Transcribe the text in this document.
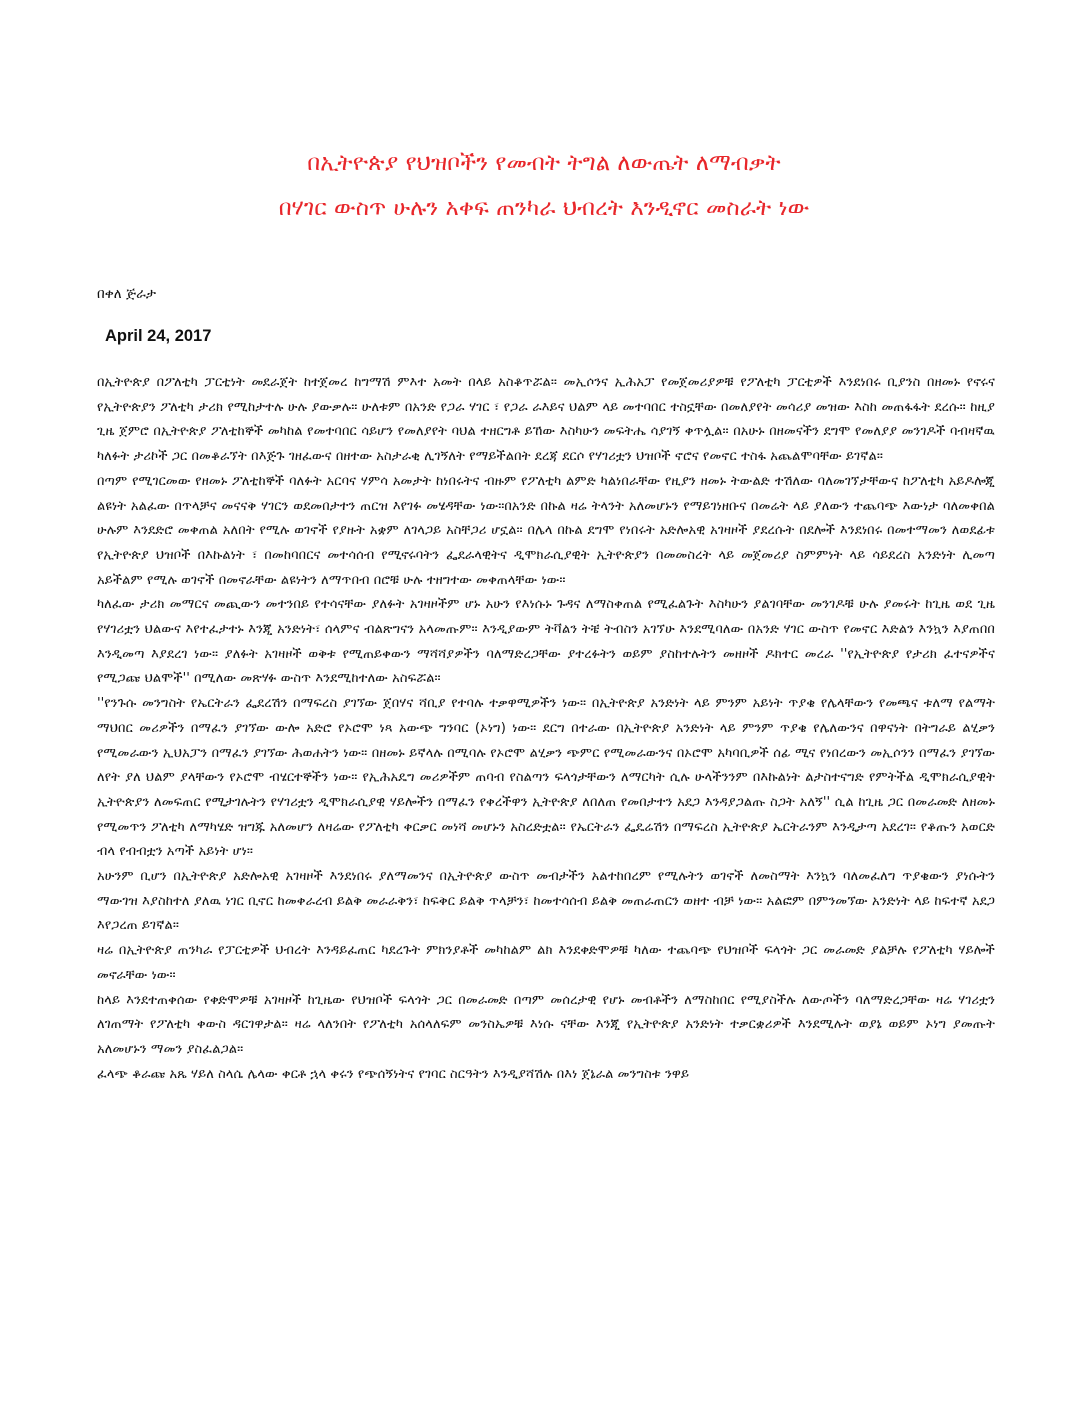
በኢትዮጵያ የህዝቦችን የመብት ትግል ለውጤት ለማብቃት
በሃገር ውስጥ ሁሉን አቀፍ ጠንካራ ህብረት እንዲኖር መስራት ነው
በቀለ ጅራታ
April 24, 2017

በኢትዮጵያ በፖለቲካ ፓርቲነት መደራጀት ከተጀመረ ከግማሽ ምእተ አመት በላይ አስቆጥሯል። መኢሶንና ኢሕአፓ የመጀመሪያዎቹ የፖለቲካ ፓርቲዎች እንደነበሩ ቢያንስ በዘመኑ የኖሩና የኢትዮጵያን ፖለቲካ ታሪክ የሚከታተሉ ሁሉ ያውቃሉ። ሁለቱም በአንድ የጋራ ሃገር ፣ የጋራ ራእይና ህልም ላይ መተባበር ተስኗቸው በመለያየት መሳሪያ መዝው እስከ መጠፋፋት ደረሱ። ከዚያ ጊዜ ጀምሮ በኢትዮጵያ ፖለቲከኞች መካከል የመተባበር ሳይሆን የመለያየት ባህል ተዘርግቶ ይኸው እስካሁን መፍትሔ ሳያገኝ ቀጥሏል። በአሁኑ በዘመናችን ደግሞ የመለያያ መንገዶች ባብዛኛዉ ካለፉት ታሪኮች ጋር በመቆራኘት በእጅጉ ገዘፈውና በዘተው አስታራቂ ሊገኝለት የማይችልበት ደረጃ ደርሶ የሃገሪቷን ህዝቦች ኖሮና የመኖር ተስፋ አጨልሞባቸው ይገኛል።

በጣም የሚገርመው የዘመኑ ፖለቲከኞች ባለፉት አርባና ሃምሳ አመታት ከነበሩትና ብዙም የፖለቲካ ልምድ ካልነበራቸው የዚያን ዘመኑ ትውልድ ተሽለው ባለመገኘታቸውና ከፖለቲካ አይዶሎጂ ልዩነት አልፈው በጥላቻና መናናቅ ሃገርን ወደመበታተን ጠርዝ እየገፉ መሄዳቸው ነው።በአንድ በኩል ዛሬ ትላንት አለመሆኑን የማይገነዘቡና በመሬት ላይ ያለውን ተጨባጭ እውነታ ባለመቀበል ሁሉም እንደድሮ መቀጠል አለበት የሚሉ ወገኖች የያዙት አቋም ለገላጋይ አስቸጋሪ ሆኗል። በሌላ በኩል ደግሞ የነበሩት አድሎአዊ አገዛዞች ያደረሱት በደሎች እንደነበሩ በመተማመን ለወደፊቱ የኢትዮጵያ ህዝቦች በእኩልነት ፣ በመከባበርና መተሳሰብ የሚኖሩባትን ፌደራላዊትና ዲሞክራሲያዊት ኢትዮጵያን በመመስረት ላይ መጀመሪያ ስምምነት ላይ ሳይደረስ አንድነት ሊመጣ አይችልም የሚሉ ወገኖች በመኖራቸው ልዩነትን ለማጥበብ በሮቹ ሁሉ ተዘግተው መቀጠላቸው ነው።

ካለፈው ታሪክ መማርና መጪውን መተንበይ የተሳናቸው ያለፉት አገዛዞችም ሆኑ አሁን የእነሱኑ ጉዳና ለማስቀጠል የሚፈልጉት እስካሁን ያልገባቸው መንገዶቹ ሁሉ ያመሩት ከጊዜ ወደ ጊዜ የሃገሪቷን ህልውና እየተፈታተኑ እንጂ አንድነት፣ ሰላምና ብልጽግናን አላመጡም። እንዲያውም ትቫልን ትቼ ትብስን አገኘሁ እንደሚባለው በአንድ ሃገር ውስጥ የመኖር እድልን እንኳን እያጠበበ እንዲመጣ እያደረገ ነው። ያለፉት አገዛዞች ወቅቱ የሚጠይቀውን ማሻሻያዎችን ባለማድረጋቸው ያተረፉትን ወይም ያስከተሉትን መዘዞች ዶክተር መረራ ''የኢትዮጵያ የታሪክ ፈተናዎችና የሚጋጩ ህልሞች'' በሚለው መጽሃፉ ውስጥ እንደሚከተለው አስፍሯል።

''የንጉሱ መንግስት የኤርትራን ፌደረሽን በማፍረስ ያገኘው ጀበሃና ሻቢያ የተባሉ ተቃዋሚዎችን ነው። በኢትዮጵያ አንድነት ላይ ምንም አይነት ጥያቄ የሌላቸውን የመጫና ቱለማ የልማት ማህበር መሪዎችን በማፈን ያገኘው ውሎ አድሮ የኦሮሞ ነጻ አውጭ ግንባር (ኦነግ) ነው። ደርግ በተራው በኢትዮጵያ አንድነት ላይ ምንም ጥያቄ የሌለውንና በዋናነት በትግራይ ልሂቃን የሚመራውን ኢህአፓን በማፈን ያገኘው ሕወሐትን ነው። በዘመኑ ይኛላሉ በሚባሉ የኦሮሞ ልሂቃን ጭምር የሚመራውንና በኦሮሞ አካባቢዎች ሰፊ ሚና የነበረውን መኢሶንን በማፈን ያገኘው ለየት ያለ ህልም ያላቸውን የኦሮሞ ብሄርተኞችን ነው። የኢሕአዴግ መሪዎችም ጠባብ የስልጣን ፍላጎታቸውን ለማርካት ሲሉ ሁላችንንም በእኩልነት ልታስተናግድ የምትችል ዲሞክራሲያዊት ኢትዮጵያን ለመፍጠር የሚታገሉትን የሃገሪቷን ዲሞክራሲያዊ ሃይሎችን በማፈን የቀረችዋን ኢትዮጵያ ለበለጠ የመበታተን አደጋ እንዳያጋልጡ ስጋት አለኝ'' ሲል ከጊዜ ጋር በመራመድ ለዘመኑ የሚመጥን ፖለቲካ ለማካሄድ ዝግጁ አለመሆን ለዛሬው የፖለቲካ ቀርቃር መነሻ መሆኑን አስረድቷል። የኤርትራን ፌዴሬሽን በማፍረስ ኢትዮጵያ ኤርትራንም እንዲታጣ አደረገ። የቆጡን አወርድ ብላ የብብቷን አጣች አይነት ሆነ።

አሁንም ቢሆን በኢትዮጵያ አድሎአዊ አገዛዞች እንደነበሩ ያለማመንና በኢትዮጵያ ውስጥ መብታችን አልተከበረም የሚሉትን ወገኖች ለመስማት እንኳን ባለመፈለግ ጥያቄውን ያነሱትን ማውገዝ እያስከተለ ያለዉ ነገር ቢኖር ከመቀራረብ ይልቅ መራራቅን፣ ከፍቅር ይልቅ ጥላቻን፣ ከመተሳሰብ ይልቅ መጠራጠርን ወዘተ ብቻ ነው። አልፎም በምንመኘው አንድነት ላይ ከፍተኛ አደጋ እየጋረጠ ይገኛል።

ዛሬ በኢትዮጵያ ጠንካራ የፓርቲዎች ህብረት እንዳይፈጠር ካደረጉት ምክንያቶች መካከልም ልክ እንደቀድሞዎቹ ካለው ተጨባጭ የህዝቦች ፍላጎት ጋር መራመድ ያልቻሉ የፖለቲካ ሃይሎች መኖራቸው ነው።

ከላይ እንደተጠቀሰው የቀድሞዎቹ አገዛዞች ከጊዜው የህዝቦች ፍላጎት ጋር በመራመድ በጣም መሰረታዊ የሆኑ መብቶችን ለማስከበር የሚያስችሉ ለውጦችን ባለማድረጋቸው ዛሬ ሃገሪቷን ለገጠማት የፖለቲካ ቀውስ ዳርገዋታል። ዛሬ ላለንበት የፖለቲካ አሰላለፍም መንስኤዎቹ እነሱ ናቸው እንጂ የኢትዮጵያ አንድነት ተቃርቋሪዎች እንደሚሉት ወያኔ ወይም ኦነግ ያመጡት አለመሆኑን ማመን ያስፈልጋል።

ፈላጭ ቆራጩ አጼ ሃይለ ስላሴ ሌላው ቀርቶ ኋላ ቀሩን የጭሰኝነትና የገባር ስርዓትን እንዲያሻሽሉ በእነ ጀኔራል መንግስቱ ንዋይ
